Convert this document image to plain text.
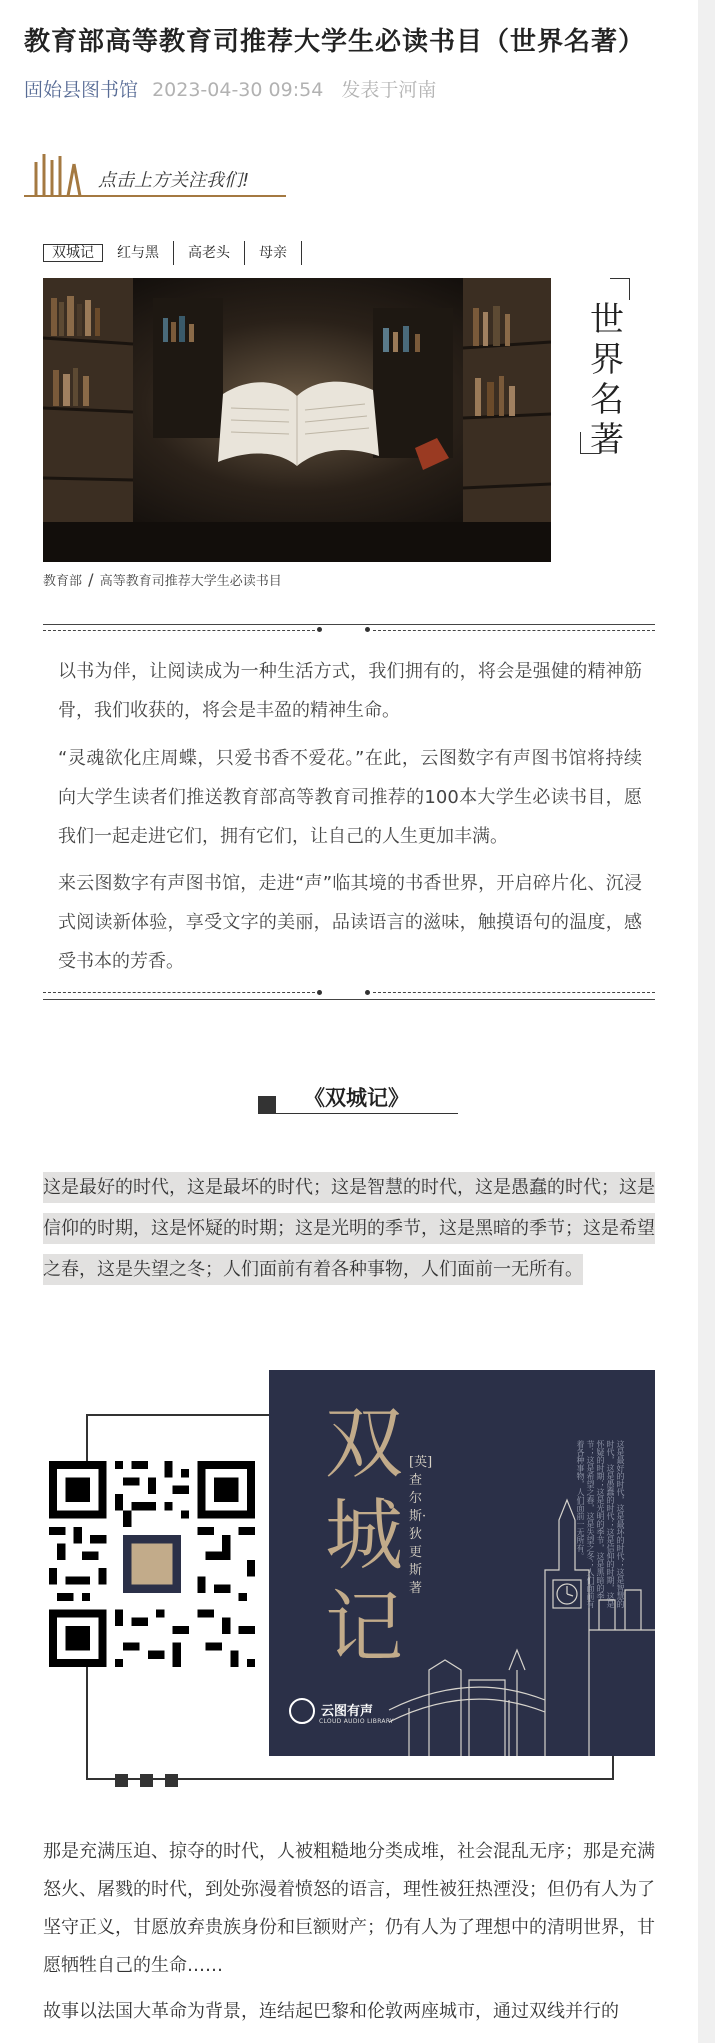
教育部高等教育司推荐大学生必读书目（世界名著）
固始县图书馆 2023-04-30 09:54 发表于河南
点击上方关注我们!
双城记	红与黑	高老头	母亲
世界名著
教育部 / 高等教育司推荐大学生必读书目

以书为伴，让阅读成为一种生活方式，我们拥有的，将会是强健的精神筋骨，我们收获的，将会是丰盈的精神生命。

“灵魂欲化庄周蝶，只爱书香不爱花。”在此，云图数字有声图书馆将持续向大学生读者们推送教育部高等教育司推荐的100本大学生必读书目，愿我们一起走进它们，拥有它们，让自己的人生更加丰满。

来云图数字有声图书馆，走进“声”临其境的书香世界，开启碎片化、沉浸式阅读新体验，享受文字的美丽，品读语言的滋味，触摸语句的温度，感受书本的芳香。

《双城记》

这是最好的时代，这是最坏的时代；这是智慧的时代，这是愚蠢的时代；这是信仰的时期，这是怀疑的时期；这是光明的季节，这是黑暗的季节；这是希望之春，这是失望之冬；人们面前有着各种事物，人们面前一无所有。

双城记
[英]查尔斯·狄更斯 著	这是最好的时代，这是最坏的时代；这是智慧的时代，这是愚蠢的时代；这是信仰的时期，这是怀疑的时期；这是光明的季节，这是黑暗的季节；这是希望之春，这是失望之冬；人们面前有着各种事物，人们面前一无所有。
云图有声
CLOUD AUDIO LIBRARY

那是充满压迫、掠夺的时代，人被粗糙地分类成堆，社会混乱无序；那是充满怒火、屠戮的时代，到处弥漫着愤怒的语言，理性被狂热湮没；但仍有人为了坚守正义，甘愿放弃贵族身份和巨额财产；仍有人为了理想中的清明世界，甘愿牺牲自己的生命……

故事以法国大革命为背景，连结起巴黎和伦敦两座城市，通过双线并行的
